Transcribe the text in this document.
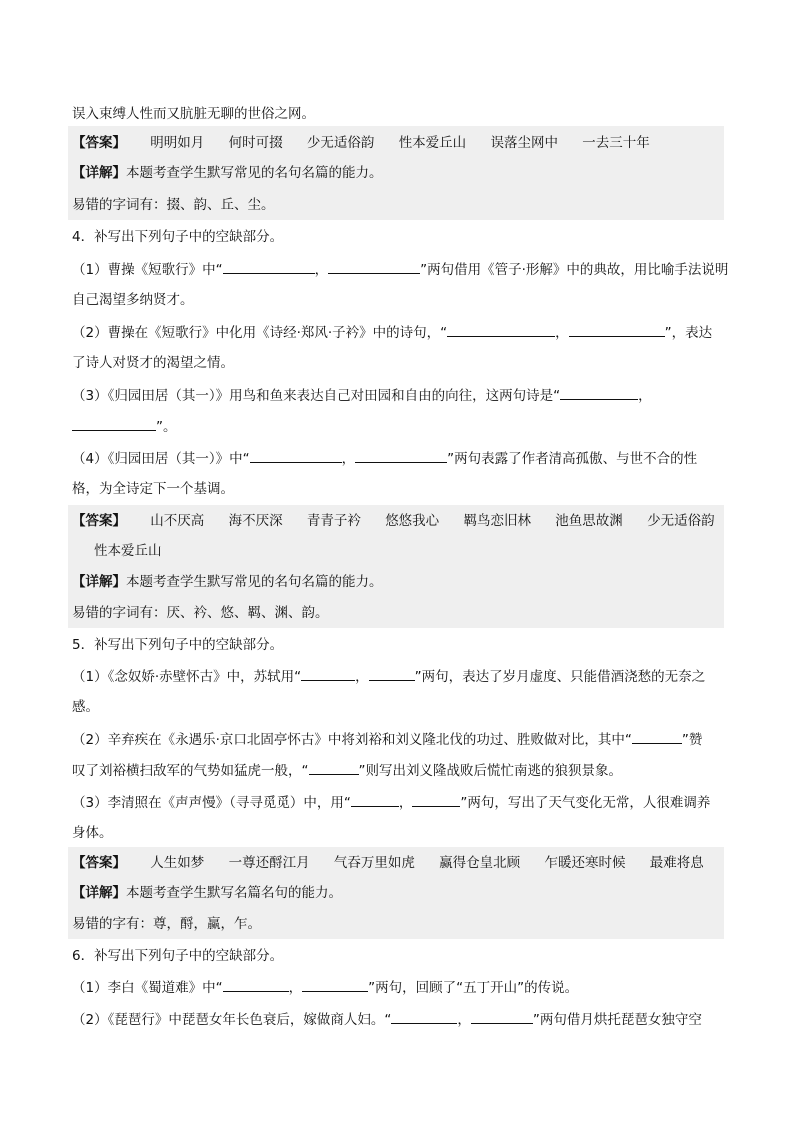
误入束缚人性而又肮脏无聊的世俗之网。
【答案】 明明如月 何时可掇 少无适俗韵 性本爱丘山 误落尘网中 一去三十年
【详解】本题考查学生默写常见的名句名篇的能力。
易错的字词有：掇、韵、丘、尘。
4．补写出下列句子中的空缺部分。
（1）曹操《短歌行》中“	，	”两句借用《管子·形解》中的典故，用比喻手法说明
自己渴望多纳贤才。
（2）曹操在《短歌行》中化用《诗经·郑风·子衿》中的诗句，“	，	”，表达
了诗人对贤才的渴望之情。
（3）《归园田居（其一）》用鸟和鱼来表达自己对田园和自由的向往，这两句诗是“	，
”。
（4）《归园田居（其一）》中“	，	”两句表露了作者清高孤傲、与世不合的性
格，为全诗定下一个基调。
【答案】 山不厌高 海不厌深 青青子衿 悠悠我心 羁鸟恋旧林 池鱼思故渊 少无适俗韵
性本爱丘山
【详解】本题考查学生默写常见的名句名篇的能力。
易错的字词有：厌、衿、悠、羁、渊、韵。
5．补写出下列句子中的空缺部分。
（1）《念奴娇·赤壁怀古》中，苏轼用“	，	”两句，表达了岁月虚度、只能借酒浇愁的无奈之
感。
（2）辛弃疾在《永遇乐·京口北固亭怀古》中将刘裕和刘义隆北伐的功过、胜败做对比，其中“	”赞
叹了刘裕横扫敌军的气势如猛虎一般，“	”则写出刘义隆战败后慌忙南逃的狼狈景象。
（3）李清照在《声声慢》（寻寻觅觅）中，用“	，	”两句，写出了天气变化无常，人很难调养
身体。
【答案】 人生如梦 一尊还酹江月 气吞万里如虎 赢得仓皇北顾 乍暖还寒时候 最难将息
【详解】本题考查学生默写名篇名句的能力。
易错的字有：尊，酹，赢，乍。
6．补写出下列句子中的空缺部分。
（1）李白《蜀道难》中“	，	”两句，回顾了“五丁开山”的传说。
（2）《琵琶行》中琵琶女年长色衰后，嫁做商人妇。“	，	”两句借月烘托琵琶女独守空
